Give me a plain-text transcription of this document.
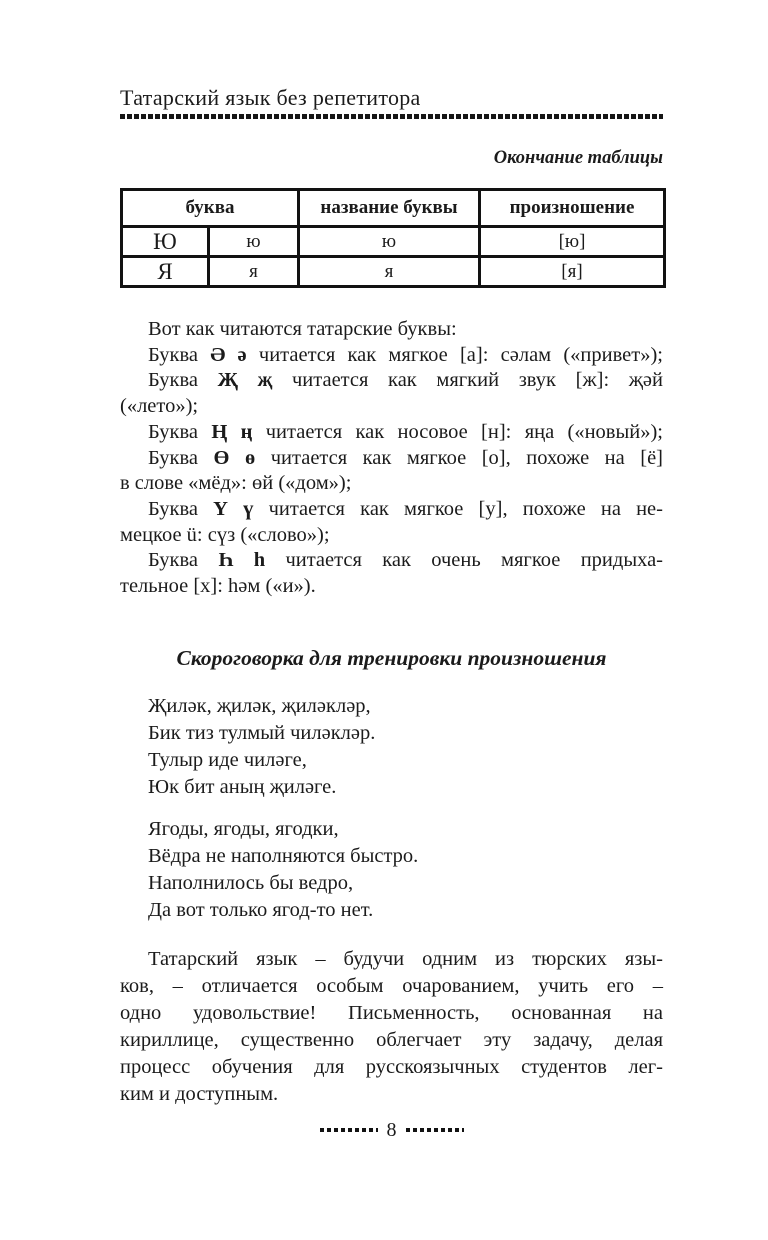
Татарский язык без репетитора
Окончание таблицы
буква		название буквы	произношение
Ю	ю	ю	[ю]
Я	я	я	[я]
Вот как читаются татарские буквы:
Буква Ә ә читается как мягкое [а]: сәлам («привет»);
Буква Җ җ читается как мягкий звук [ж]: җәй
(«лето»);
Буква Ң ң читается как носовое [н]: яңа («новый»);
Буква Ө ө читается как мягкое [о], похоже на [ё]
в слове «мёд»: өй («дом»);
Буква Ү ү читается как мягкое [у], похоже на не-
мецкое ü: сүз («слово»);
Буква Һ һ читается как очень мягкое придыха-
тельное [х]: һәм («и»).
Скороговорка для тренировки произношения
Җиләк, җиләк, җиләкләр,
Бик тиз тулмый чиләкләр.
Тулыр иде чиләге,
Юк бит аның җиләге.
Ягоды, ягоды, ягодки,
Вёдра не наполняются быстро.
Наполнилось бы ведро,
Да вот только ягод-то нет.
Татарский язык – будучи одним из тюрских язы-
ков, – отличается особым очарованием, учить его –
одно удовольствие! Письменность, основанная на
кириллице, существенно облегчает эту задачу, делая
процесс обучения для русскоязычных студентов лег-
ким и доступным.
8
